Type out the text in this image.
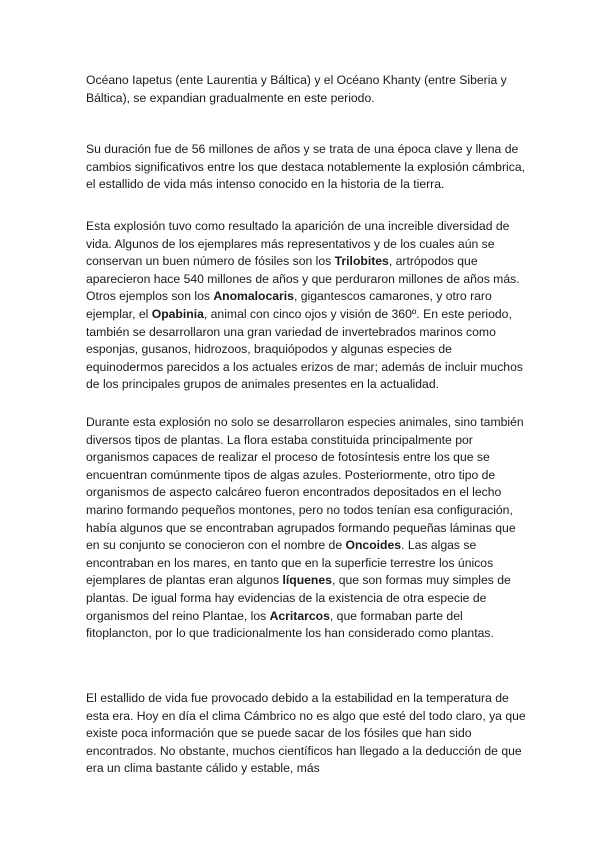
Océano Iapetus (ente Laurentia y Báltica) y el Océano Khanty (entre Siberia y Báltica), se expandian gradualmente en este periodo.

Su duración fue de 56 millones de años y se trata de una época clave y llena de cambios significativos entre los que destaca notablemente la explosión cámbrica, el estallido de vida más intenso conocido en la historia de la tierra.

Esta explosión tuvo como resultado la aparición de una increible diversidad de vida. Algunos de los ejemplares más representativos y de los cuales aún se conservan un buen número de fósiles son los Trilobites, artrópodos que aparecieron hace 540 millones de años y que perduraron millones de años más. Otros ejemplos son los Anomalocaris, gigantescos camarones, y otro raro ejemplar, el Opabinia, animal con cinco ojos y visión de 360º. En este periodo, también se desarrollaron una gran variedad de invertebrados marinos como esponjas, gusanos, hidrozoos, braquiópodos y algunas especies de equinodermos parecidos a los actuales erizos de mar; además de incluir muchos de los principales grupos de animales presentes en la actualidad.

Durante esta explosión no solo se desarrollaron especies animales, sino también diversos tipos de plantas. La flora estaba constituida principalmente por organismos capaces de realizar el proceso de fotosíntesis entre los que se encuentran comúnmente tipos de algas azules. Posteriormente, otro tipo de organismos de aspecto calcáreo fueron encontrados depositados en el lecho marino formando pequeños montones, pero no todos tenían esa configuración, había algunos que se encontraban agrupados formando pequeñas láminas que en su conjunto se conocieron con el nombre de Oncoides. Las algas se encontraban en los mares, en tanto que en la superficie terrestre los únicos ejemplares de plantas eran algunos líquenes, que son formas muy simples de plantas. De igual forma hay evidencias de la existencia de otra especie de organismos del reino Plantae, los Acritarcos, que formaban parte del fitoplancton, por lo que tradicionalmente los han considerado como plantas.

El estallido de vida fue provocado debido a la estabilidad en la temperatura de esta era. Hoy en día el clima Cámbrico no es algo que esté del todo claro, ya que existe poca información que se puede sacar de los fósiles que han sido encontrados. No obstante, muchos científicos han llegado a la deducción de que era un clima bastante cálido y estable, más
